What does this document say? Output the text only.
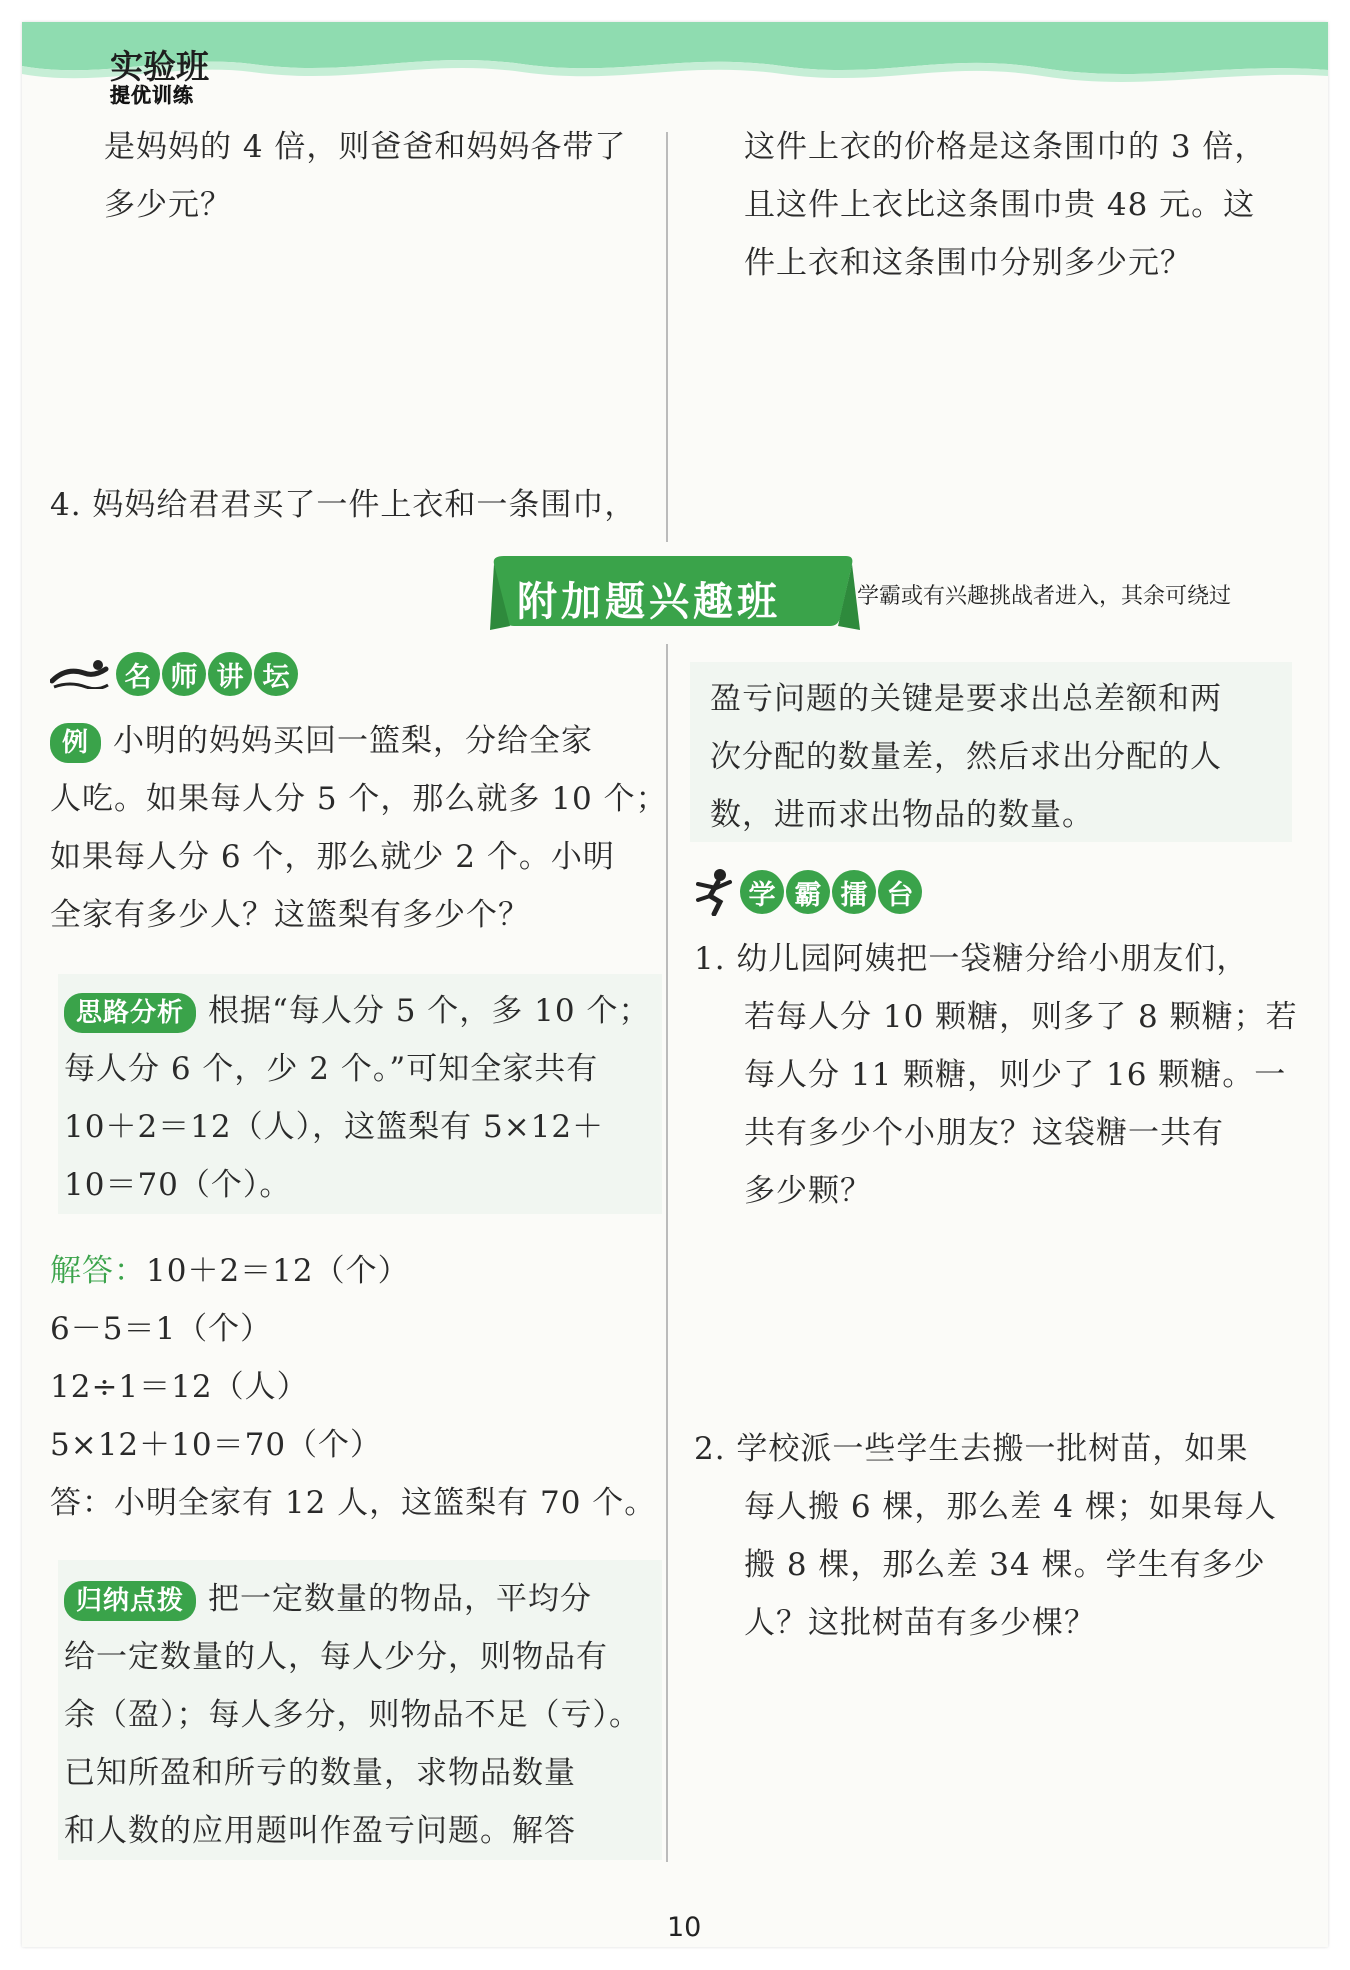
实验班
提优训练
是妈妈的 4 倍，则爸爸和妈妈各带了
多少元？
4. 妈妈给君君买了一件上衣和一条围巾，
这件上衣的价格是这条围巾的 3 倍，
且这件上衣比这条围巾贵 48 元。这
件上衣和这条围巾分别多少元？
附加题兴趣班	学霸或有兴趣挑战者进入，其余可绕过
名 师 讲 坛
例 小明的妈妈买回一篮梨，分给全家
人吃。如果每人分 5 个，那么就多 10 个；
如果每人分 6 个，那么就少 2 个。小明
全家有多少人？这篮梨有多少个？
思路分析 根据“每人分 5 个，多 10 个；
每人分 6 个，少 2 个。”可知全家共有
10＋2＝12（人），这篮梨有 5×12＋
10＝70（个）。
解答：10＋2＝12（个）
6－5＝1（个）
12÷1＝12（人）
5×12＋10＝70（个）
答：小明全家有 12 人，这篮梨有 70 个。
归纳点拨 把一定数量的物品，平均分
给一定数量的人，每人少分，则物品有
余（盈）；每人多分，则物品不足（亏）。
已知所盈和所亏的数量，求物品数量
和人数的应用题叫作盈亏问题。解答
盈亏问题的关键是要求出总差额和两
次分配的数量差，然后求出分配的人
数，进而求出物品的数量。
学 霸 擂 台
1. 幼儿园阿姨把一袋糖分给小朋友们，
若每人分 10 颗糖，则多了 8 颗糖；若
每人分 11 颗糖，则少了 16 颗糖。一
共有多少个小朋友？这袋糖一共有
多少颗？
2. 学校派一些学生去搬一批树苗，如果
每人搬 6 棵，那么差 4 棵；如果每人
搬 8 棵，那么差 34 棵。学生有多少
人？这批树苗有多少棵？
10
